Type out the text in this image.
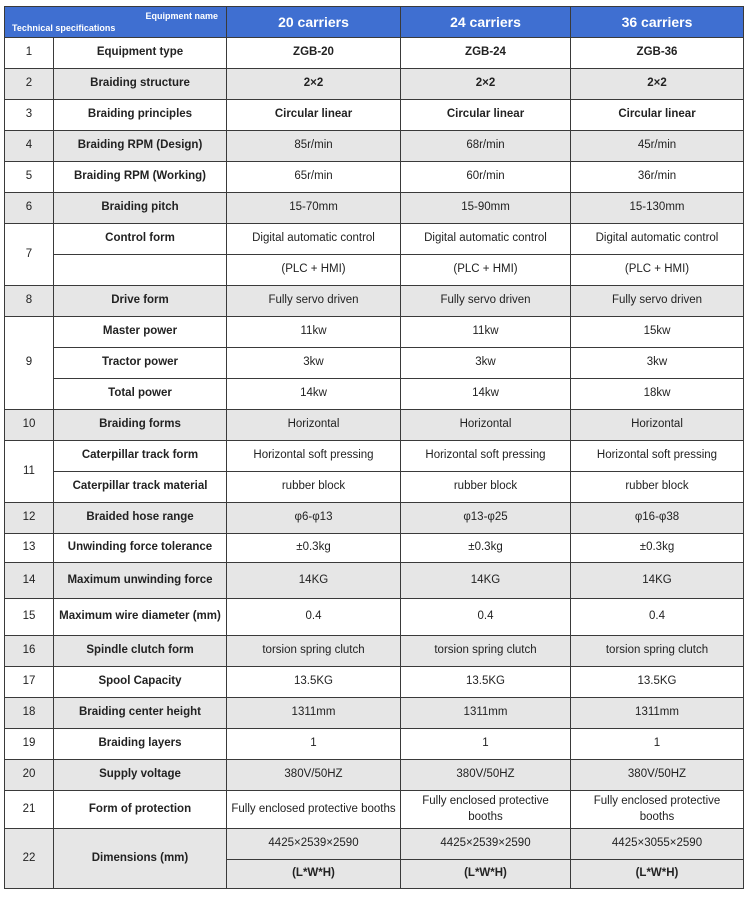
Equipment name
Technical specifications		20 carriers	24 carriers	36 carriers
1	Equipment type	ZGB-20	ZGB-24	ZGB-36
2	Braiding structure	2×2	2×2	2×2
3	Braiding principles	Circular linear	Circular linear	Circular linear
4	Braiding RPM (Design)	85r/min	68r/min	45r/min
5	Braiding RPM (Working)	65r/min	60r/min	36r/min
6	Braiding pitch	15-70mm	15-90mm	15-130mm
7	Control form	Digital automatic control	Digital automatic control	Digital automatic control
		(PLC + HMI)	(PLC + HMI)	(PLC + HMI)
8	Drive form	Fully servo driven	Fully servo driven	Fully servo driven
9	Master power	11kw	11kw	15kw
	Tractor power	3kw	3kw	3kw
	Total power	14kw	14kw	18kw
10	Braiding forms	Horizontal	Horizontal	Horizontal
11	Caterpillar track form	Horizontal soft pressing	Horizontal soft pressing	Horizontal soft pressing
	Caterpillar track material	rubber block	rubber block	rubber block
12	Braided hose range	φ6-φ13	φ13-φ25	φ16-φ38
13	Unwinding force tolerance	±0.3kg	±0.3kg	±0.3kg
14	Maximum unwinding force	14KG	14KG	14KG
15	Maximum wire diameter (mm)	0.4	0.4	0.4
16	Spindle clutch form	torsion spring clutch	torsion spring clutch	torsion spring clutch
17	Spool Capacity	13.5KG	13.5KG	13.5KG
18	Braiding center height	1311mm	1311mm	1311mm
19	Braiding layers	1	1	1
20	Supply voltage	380V/50HZ	380V/50HZ	380V/50HZ
21	Form of protection	Fully enclosed protective booths	Fully enclosed protective booths	Fully enclosed protective booths
22	Dimensions (mm)	4425×2539×2590	4425×2539×2590	4425×3055×2590
		(L*W*H)	(L*W*H)	(L*W*H)
